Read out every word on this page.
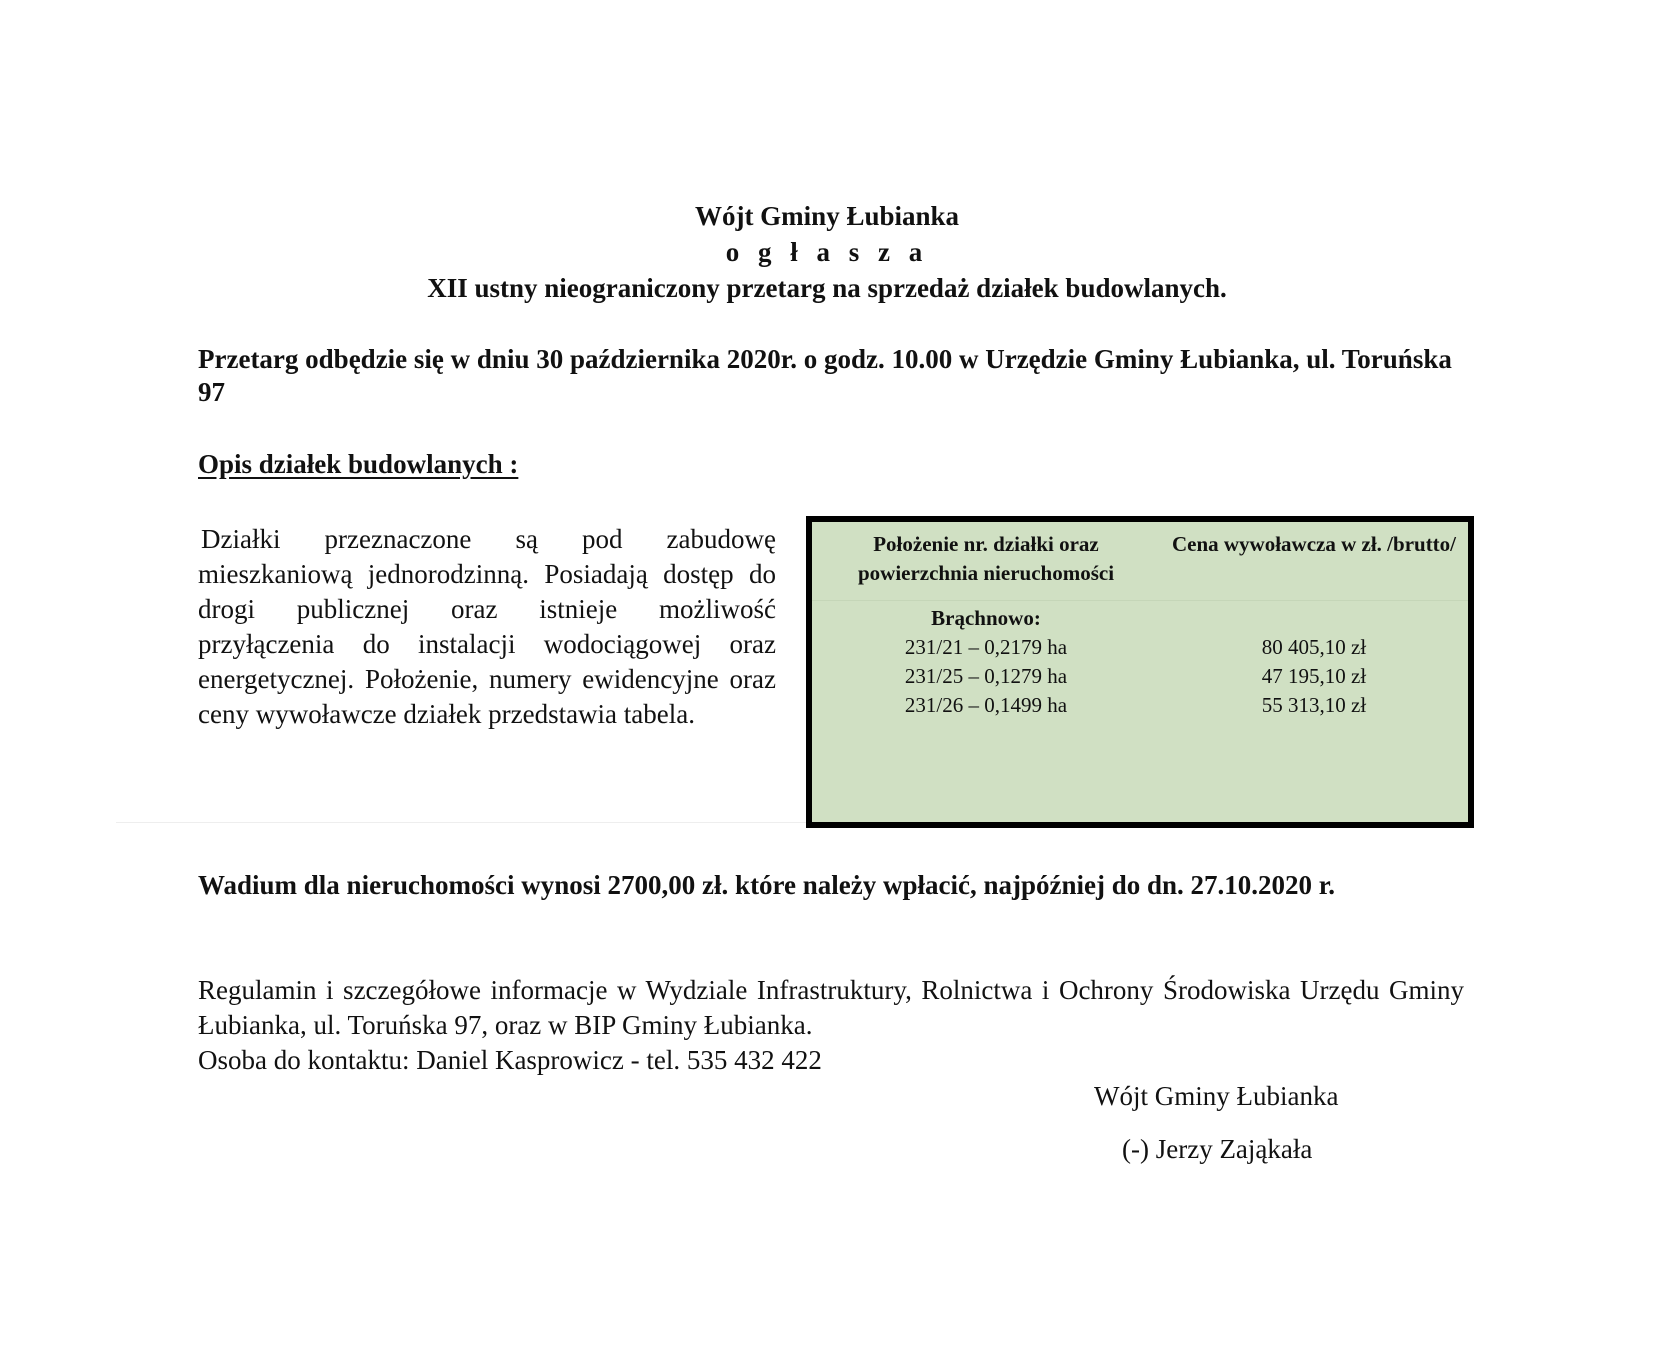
Wójt Gminy Łubianka
o g ł a s z a
XII ustny nieograniczony przetarg na sprzedaż działek budowlanych.
Przetarg odbędzie się w dniu 30 października 2020r. o godz. 10.00 w Urzędzie Gminy Łubianka, ul. Toruńska 97
Opis działek budowlanych :
Działki przeznaczone są pod zabudowę mieszkaniową jednorodzinną. Posiadają dostęp do drogi publicznej oraz istnieje możliwość przyłączenia do instalacji wodociągowej oraz energetycznej. Położenie, numery ewidencyjne oraz ceny wywoławcze działek przedstawia tabela.
Położenie nr. działki oraz powierzchnia nieruchomości
Cena wywoławcza w zł. /brutto/
Brąchnowo:
231/21 – 0,2179 ha
231/25 – 0,1279 ha
231/26 – 0,1499 ha
80 405,10 zł
47 195,10 zł
55 313,10 zł
Wadium dla nieruchomości wynosi 2700,00 zł. które należy wpłacić, najpóźniej do dn. 27.10.2020 r.
Regulamin i szczegółowe informacje w Wydziale Infrastruktury, Rolnictwa i Ochrony Środowiska Urzędu Gminy Łubianka, ul. Toruńska 97, oraz w BIP Gminy Łubianka.
Osoba do kontaktu: Daniel Kasprowicz - tel. 535 432 422
Wójt Gminy Łubianka
(-) Jerzy Zająkała
